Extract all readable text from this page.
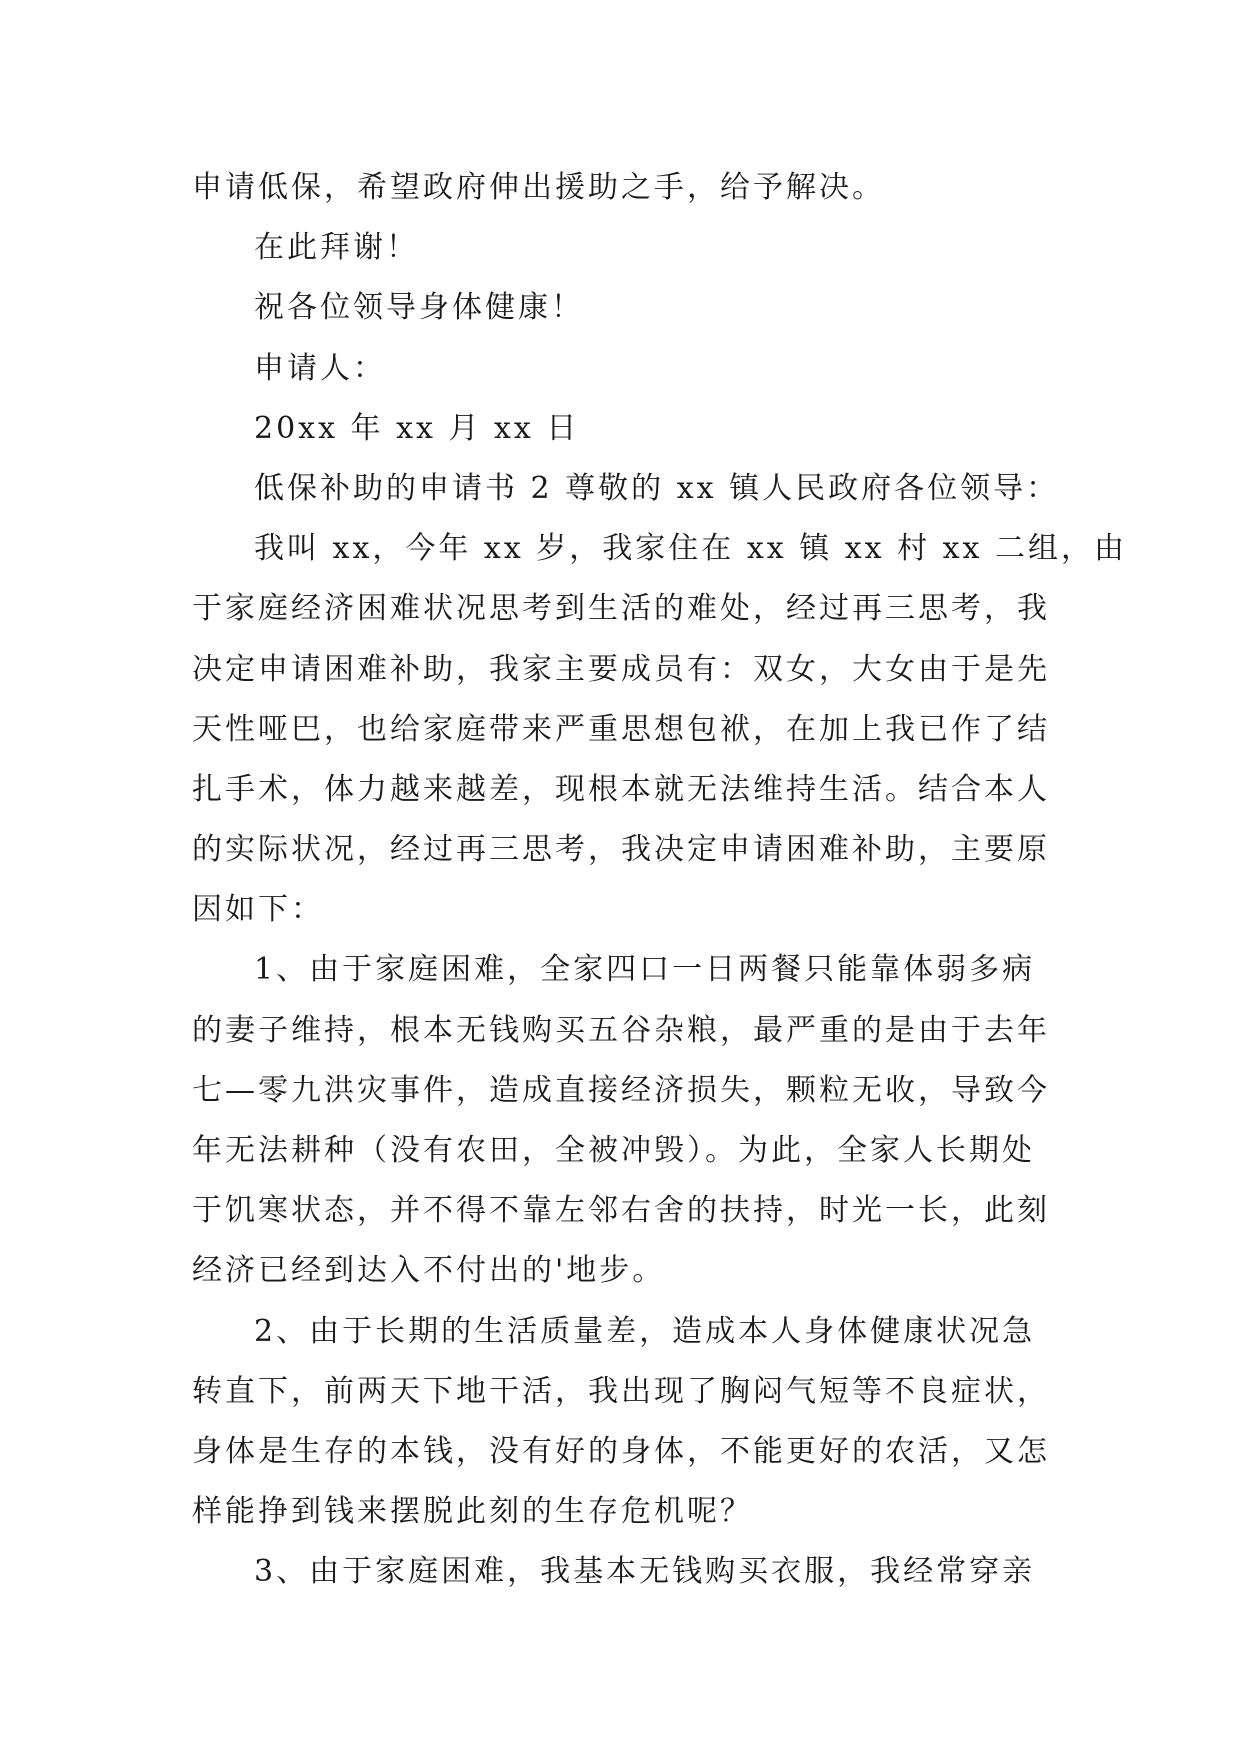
申请低保，希望政府伸出援助之手，给予解决。

在此拜谢！

祝各位领导身体健康！

申请人：

20xx 年 xx 月 xx 日

低保补助的申请书 2 尊敬的 xx 镇人民政府各位领导：

我叫 xx，今年 xx 岁，我家住在 xx 镇 xx 村 xx 二组，由

于家庭经济困难状况思考到生活的难处，经过再三思考，我

决定申请困难补助，我家主要成员有：双女，大女由于是先

天性哑巴，也给家庭带来严重思想包袱，在加上我已作了结

扎手术，体力越来越差，现根本就无法维持生活。结合本人

的实际状况，经过再三思考，我决定申请困难补助，主要原

因如下：

1、由于家庭困难，全家四口一日两餐只能靠体弱多病

的妻子维持，根本无钱购买五谷杂粮，最严重的是由于去年

七—零九洪灾事件，造成直接经济损失，颗粒无收，导致今

年无法耕种（没有农田，全被冲毁）。为此，全家人长期处

于饥寒状态，并不得不靠左邻右舍的扶持，时光一长，此刻

经济已经到达入不付出的'地步。

2、由于长期的生活质量差，造成本人身体健康状况急

转直下，前两天下地干活，我出现了胸闷气短等不良症状，

身体是生存的本钱，没有好的身体，不能更好的农活，又怎

样能挣到钱来摆脱此刻的生存危机呢？

3、由于家庭困难，我基本无钱购买衣服，我经常穿亲
